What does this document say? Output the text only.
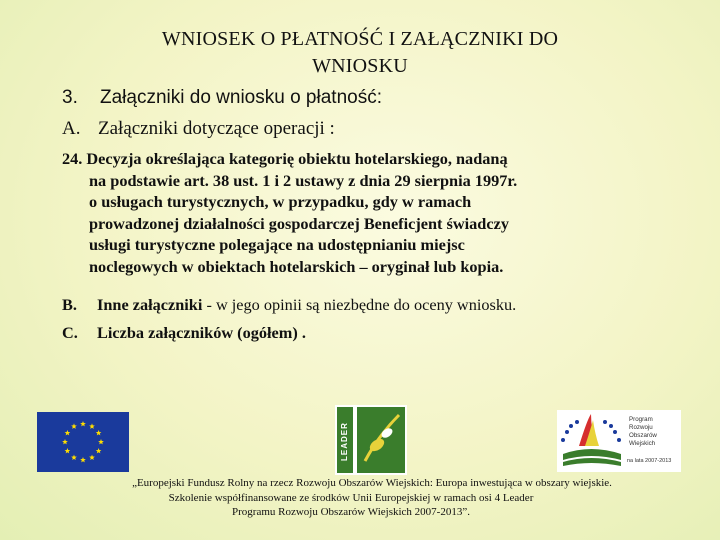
WNIOSEK O PŁATNOŚĆ I ZAŁĄCZNIKI DO
WNIOSKU
3. Załączniki do wniosku o płatność:
A. Załączniki dotyczące operacji :
24. Decyzja określająca kategorię obiektu hotelarskiego, nadaną
na podstawie art. 38 ust. 1 i 2 ustawy z dnia 29 sierpnia 1997r.
o usługach turystycznych, w przypadku, gdy w ramach
prowadzonej działalności gospodarczej Beneficjent świadczy
usługi turystyczne polegające na udostępnianiu miejsc
noclegowych w obiektach hotelarskich – oryginał lub kopia.
B. Inne załączniki - w jego opinii są niezbędne do oceny wniosku.
C. Liczba załączników (ogółem) .
LEADER
Program
Rozwoju
Obszarów
Wiejskich
na lata 2007-2013
„Europejski Fundusz Rolny na rzecz Rozwoju Obszarów Wiejskich: Europa inwestująca w obszary wiejskie.
Szkolenie współfinansowane ze środków Unii Europejskiej w ramach osi 4 Leader
Programu Rozwoju Obszarów Wiejskich 2007-2013”.
